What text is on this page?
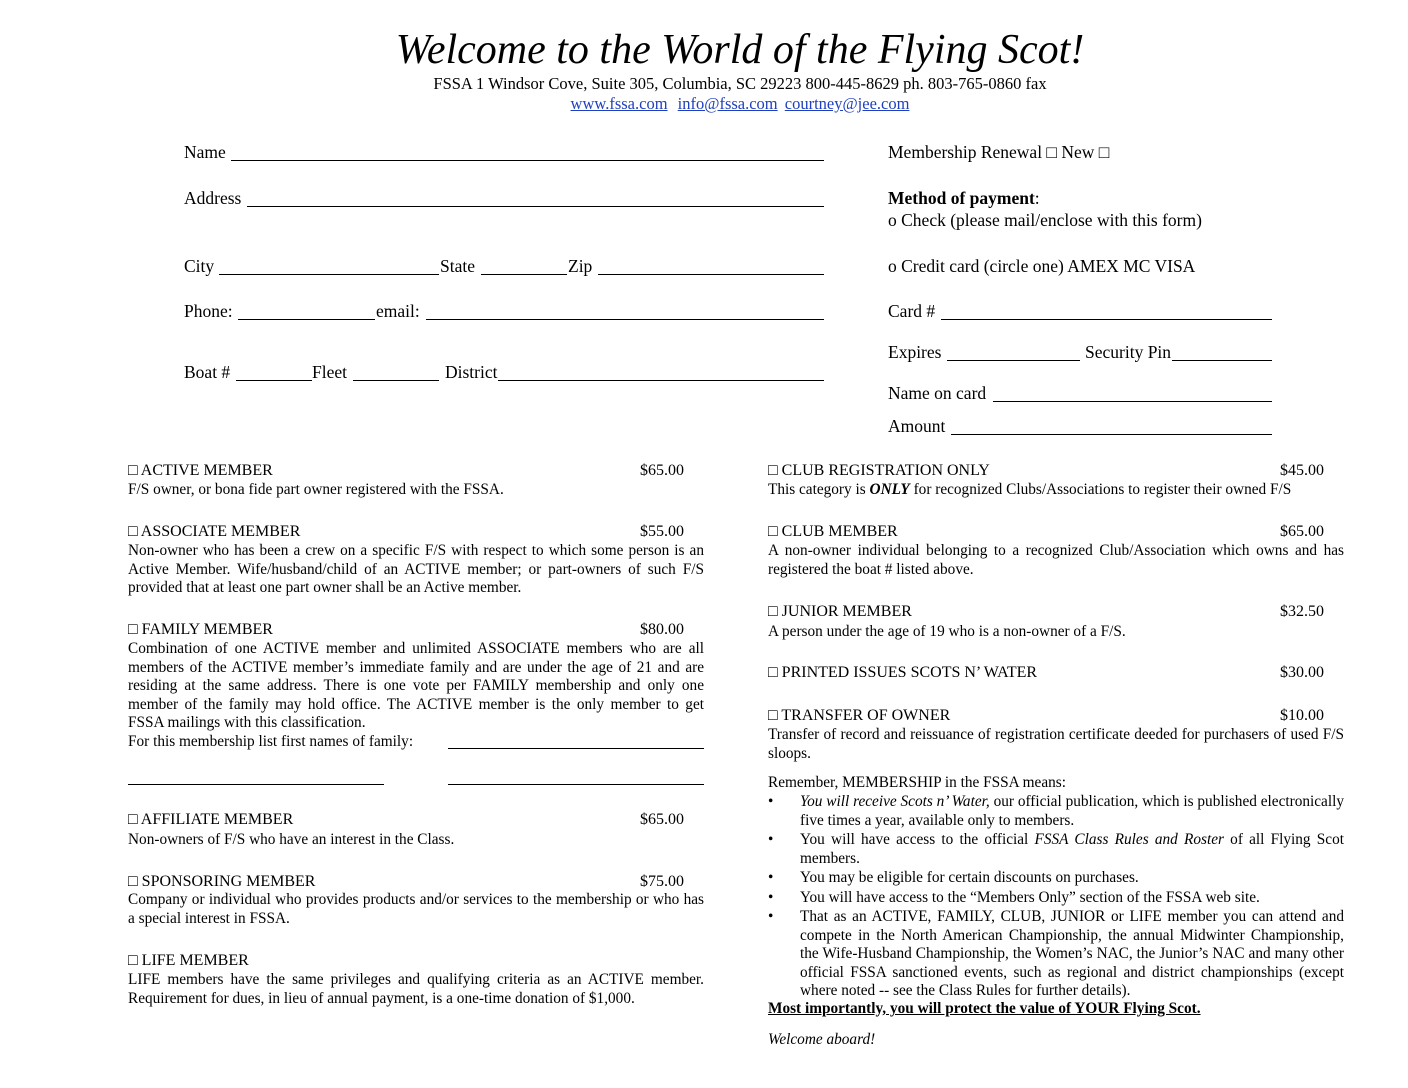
Welcome to the World of the Flying Scot!
FSSA 1 Windsor Cove, Suite 305, Columbia, SC 29223 800-445-8629 ph. 803-765-0860 fax
www.fssa.com info@fssa.com courtney@jee.com
Name
Address
City	State	Zip
Phone:	email:
Boat #	Fleet	District
Membership Renewal □ New □
Method of payment:
o Check (please mail/enclose with this form)
o Credit card (circle one) AMEX MC VISA
Card #
Expires	Security Pin
Name on card
Amount
□ ACTIVE MEMBER	$65.00
F/S owner, or bona fide part owner registered with the FSSA.
□ ASSOCIATE MEMBER	$55.00
Non-owner who has been a crew on a specific F/S with respect to which some person is an Active Member. Wife/husband/child of an ACTIVE member; or part-owners of such F/S provided that at least one part owner shall be an Active member.
□ FAMILY MEMBER	$80.00
Combination of one ACTIVE member and unlimited ASSOCIATE members who are all members of the ACTIVE member’s immediate family and are under the age of 21 and are residing at the same address. There is one vote per FAMILY membership and only one member of the family may hold office. The ACTIVE member is the only member to get FSSA mailings with this classification.
For this membership list first names of family:
□ AFFILIATE MEMBER	$65.00
Non-owners of F/S who have an interest in the Class.
□ SPONSORING MEMBER	$75.00
Company or individual who provides products and/or services to the membership or who has a special interest in FSSA.
□ LIFE MEMBER
LIFE members have the same privileges and qualifying criteria as an ACTIVE member. Requirement for dues, in lieu of annual payment, is a one-time donation of $1,000.
□ CLUB REGISTRATION ONLY	$45.00
This category is ONLY for recognized Clubs/Associations to register their owned F/S
□ CLUB MEMBER	$65.00
A non-owner individual belonging to a recognized Club/Association which owns and has registered the boat # listed above.
□ JUNIOR MEMBER	$32.50
A person under the age of 19 who is a non-owner of a F/S.
□ PRINTED ISSUES SCOTS N’ WATER	$30.00
□ TRANSFER OF OWNER	$10.00
Transfer of record and reissuance of registration certificate deeded for purchasers of used F/S sloops.
Remember, MEMBERSHIP in the FSSA means:
• You will receive Scots n’ Water, our official publication, which is published electronically five times a year, available only to members.
• You will have access to the official FSSA Class Rules and Roster of all Flying Scot members.
• You may be eligible for certain discounts on purchases.
• You will have access to the “Members Only” section of the FSSA web site.
• That as an ACTIVE, FAMILY, CLUB, JUNIOR or LIFE member you can attend and compete in the North American Championship, the annual Midwinter Championship, the Wife-Husband Championship, the Women’s NAC, the Junior’s NAC and many other official FSSA sanctioned events, such as regional and district championships (except where noted -- see the Class Rules for further details).
Most importantly, you will protect the value of YOUR Flying Scot.
Welcome aboard!
